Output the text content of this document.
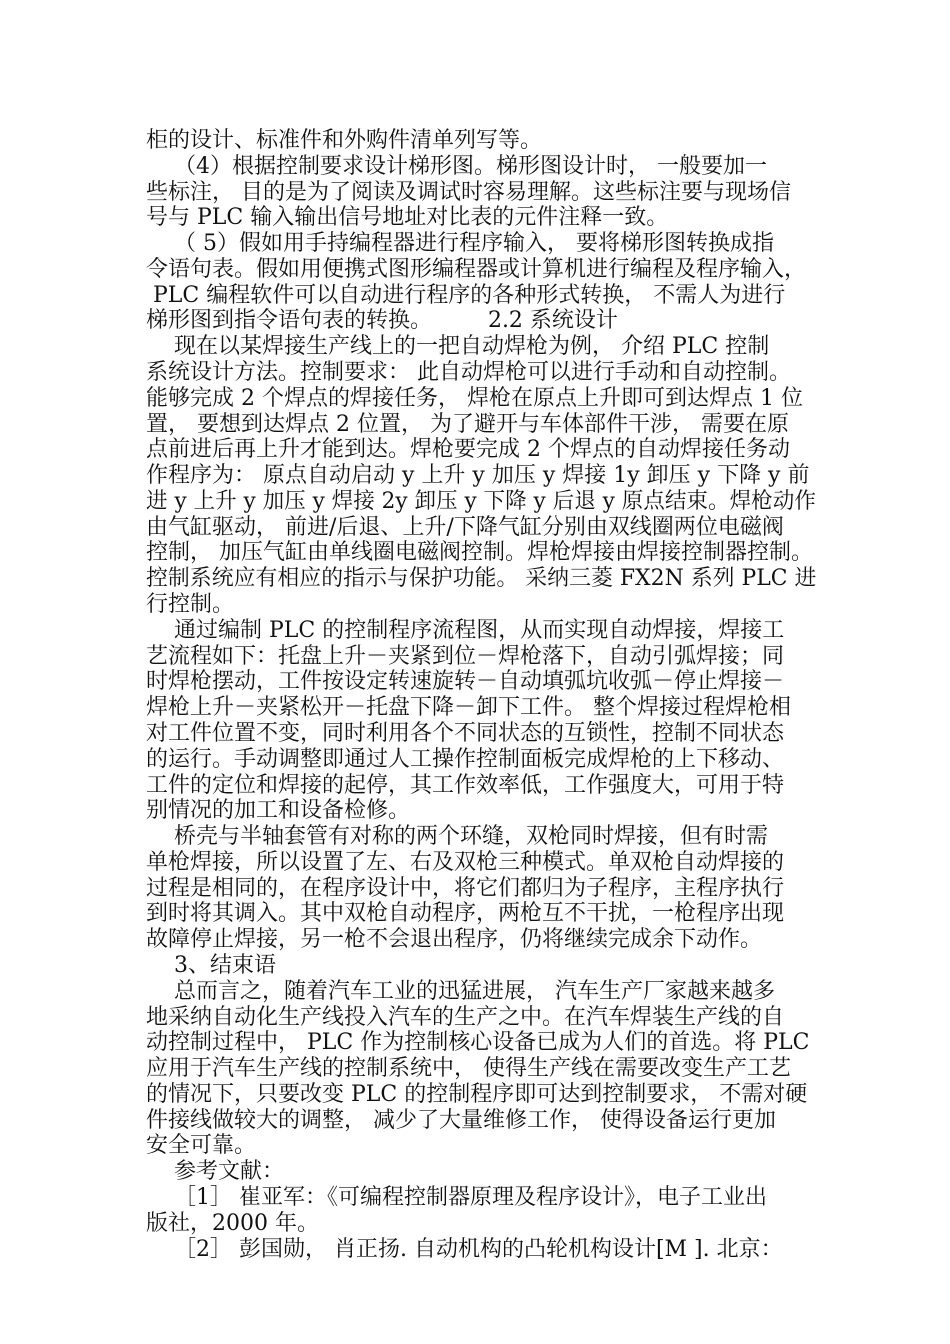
柜的设计、标准件和外购件清单列写等。
（4）根据控制要求设计梯形图。梯形图设计时， 一般要加一
些标注， 目的是为了阅读及调试时容易理解。这些标注要与现场信
号与 PLC 输入输出信号地址对比表的元件注释一致。
（ 5）假如用手持编程器进行程序输入， 要将梯形图转换成指
令语句表。假如用便携式图形编程器或计算机进行编程及程序输入，
PLC 编程软件可以自动进行程序的各种形式转换， 不需人为进行
梯形图到指令语句表的转换。        2.2 系统设计
现在以某焊接生产线上的一把自动焊枪为例， 介绍 PLC 控制
系统设计方法。控制要求： 此自动焊枪可以进行手动和自动控制。
能够完成 2 个焊点的焊接任务， 焊枪在原点上升即可到达焊点 1 位
置， 要想到达焊点 2 位置， 为了避开与车体部件干涉， 需要在原
点前进后再上升才能到达。焊枪要完成 2 个焊点的自动焊接任务动
作程序为： 原点自动启动 y 上升 y 加压 y 焊接 1y 卸压 y 下降 y 前
进 y 上升 y 加压 y 焊接 2y 卸压 y 下降 y 后退 y 原点结束。焊枪动作
由气缸驱动， 前进/后退、上升/下降气缸分别由双线圈两位电磁阀
控制， 加压气缸由单线圈电磁阀控制。焊枪焊接由焊接控制器控制。
控制系统应有相应的指示与保护功能。 采纳三菱 FX2N 系列 PLC 进
行控制。
通过编制 PLC 的控制程序流程图，从而实现自动焊接，焊接工
艺流程如下：托盘上升－夹紧到位－焊枪落下，自动引弧焊接；同
时焊枪摆动，工件按设定转速旋转－自动填弧坑收弧－停止焊接－
焊枪上升－夹紧松开－托盘下降－卸下工件。 整个焊接过程焊枪相
对工件位置不变，同时利用各个不同状态的互锁性，控制不同状态
的运行。手动调整即通过人工操作控制面板完成焊枪的上下移动、
工件的定位和焊接的起停，其工作效率低，工作强度大，可用于特
别情况的加工和设备检修。
桥壳与半轴套管有对称的两个环缝，双枪同时焊接，但有时需
单枪焊接，所以设置了左、右及双枪三种模式。单双枪自动焊接的
过程是相同的，在程序设计中，将它们都归为子程序，主程序执行
到时将其调入。其中双枪自动程序，两枪互不干扰，一枪程序出现
故障停止焊接，另一枪不会退出程序，仍将继续完成余下动作。
3、结束语
总而言之，随着汽车工业的迅猛进展， 汽车生产厂家越来越多
地采纳自动化生产线投入汽车的生产之中。在汽车焊装生产线的自
动控制过程中， PLC 作为控制核心设备已成为人们的首选。将 PLC
应用于汽车生产线的控制系统中， 使得生产线在需要改变生产工艺
的情况下，只要改变 PLC 的控制程序即可达到控制要求， 不需对硬
件接线做较大的调整， 减少了大量维修工作， 使得设备运行更加
安全可靠。
参考文献：
［1］ 崔亚军：《可编程控制器原理及程序设计》，电子工业出
版社，2000 年。
［2］ 彭国勋， 肖正扬. 自动机构的凸轮机构设计[M ]. 北京：
